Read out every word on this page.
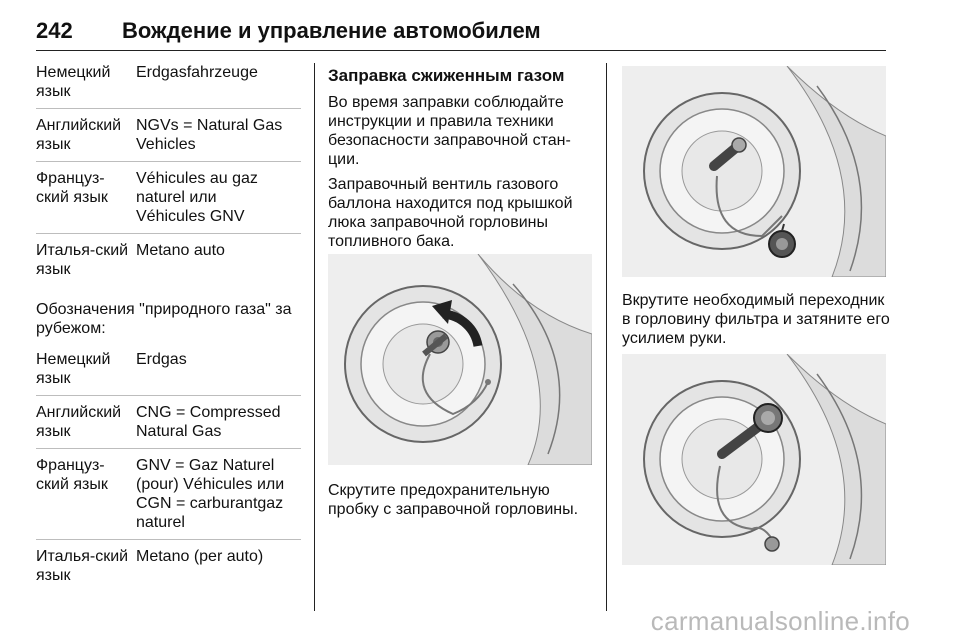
242 Вождение и управление автомобилем
Немецкий язык
Erdgasfahrzeuge
Английский язык
NGVs = Natural Gas Vehicles
Француз-ский язык
Véhicules au gaz
naturel или
Véhicules GNV
Италья-ский язык
Metano auto
Обозначения "природного газа" за рубежом:
Немецкий язык
Erdgas
Английский язык
CNG = Compressed
Natural Gas
Француз-ский язык
GNV = Gaz Naturel
(pour) Véhicules или
CGN = carburantgaz
naturel
Италья-ский язык
Metano (per auto)
Заправка сжиженным газом
Во время заправки соблюдайте инструкции и правила техники безопасности заправочной стан-ции.
Заправочный вентиль газового баллона находится под крышкой люка заправочной горловины топливного бака.
Скрутите предохранительную пробку с заправочной горловины.
Вкрутите необходимый переходник в горловину фильтра и затяните его усилием руки.
carmanualsonline.info
